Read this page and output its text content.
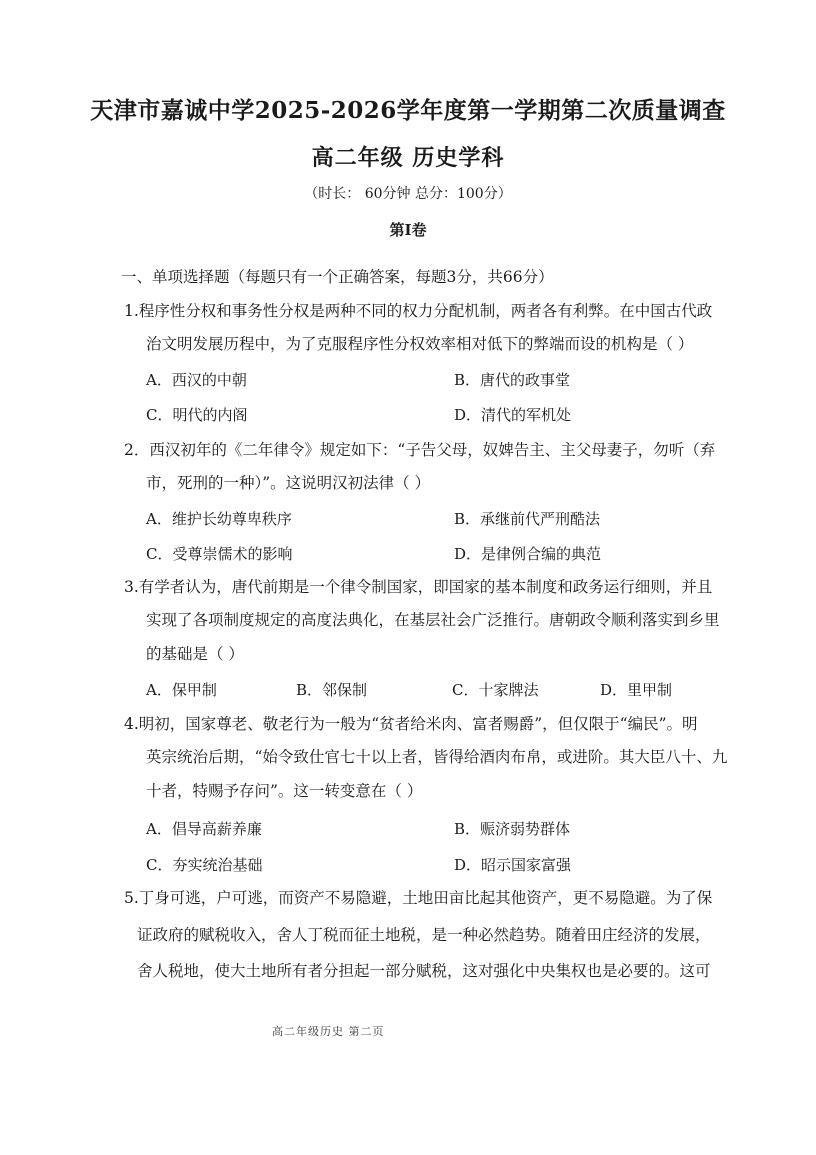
天津市嘉诚中学2025-2026学年度第一学期第二次质量调查
高二年级 历史学科
（时长： 60分钟 总分：100分）
第Ⅰ卷
一、单项选择题（每题只有一个正确答案，每题3分，共66分）
1.程序性分权和事务性分权是两种不同的权力分配机制，两者各有利弊。在中国古代政
治文明发展历程中，为了克服程序性分权效率相对低下的弊端而设的机构是（ ）
A．西汉的中朝	B．唐代的政事堂
C．明代的内阁	D．清代的军机处
2．西汉初年的《二年律令》规定如下：“子告父母，奴婢告主、主父母妻子，勿听（弃
市，死刑的一种）”。这说明汉初法律（ ）
A．维护长幼尊卑秩序	B．承继前代严刑酷法
C．受尊崇儒术的影响	D．是律例合编的典范
3.有学者认为，唐代前期是一个律令制国家，即国家的基本制度和政务运行细则，并且
实现了各项制度规定的高度法典化，在基层社会广泛推行。唐朝政令顺利落实到乡里
的基础是（ ）
A．保甲制	B．邻保制	C．十家牌法	D．里甲制
4.明初，国家尊老、敬老行为一般为“贫者给米肉、富者赐爵”，但仅限于“编民”。明
英宗统治后期，“始令致仕官七十以上者，皆得给酒肉布帛，或进阶。其大臣八十、九
十者，特赐予存问”。这一转变意在（ ）
A．倡导高薪养廉	B．赈济弱势群体
C．夯实统治基础	D．昭示国家富强
5.丁身可逃，户可逃，而资产不易隐避，土地田亩比起其他资产，更不易隐避。为了保
证政府的赋税收入，舍人丁税而征土地税，是一种必然趋势。随着田庄经济的发展，
舍人税地，使大土地所有者分担起一部分赋税，这对强化中央集权也是必要的。这可
高二年级历史 第二页
